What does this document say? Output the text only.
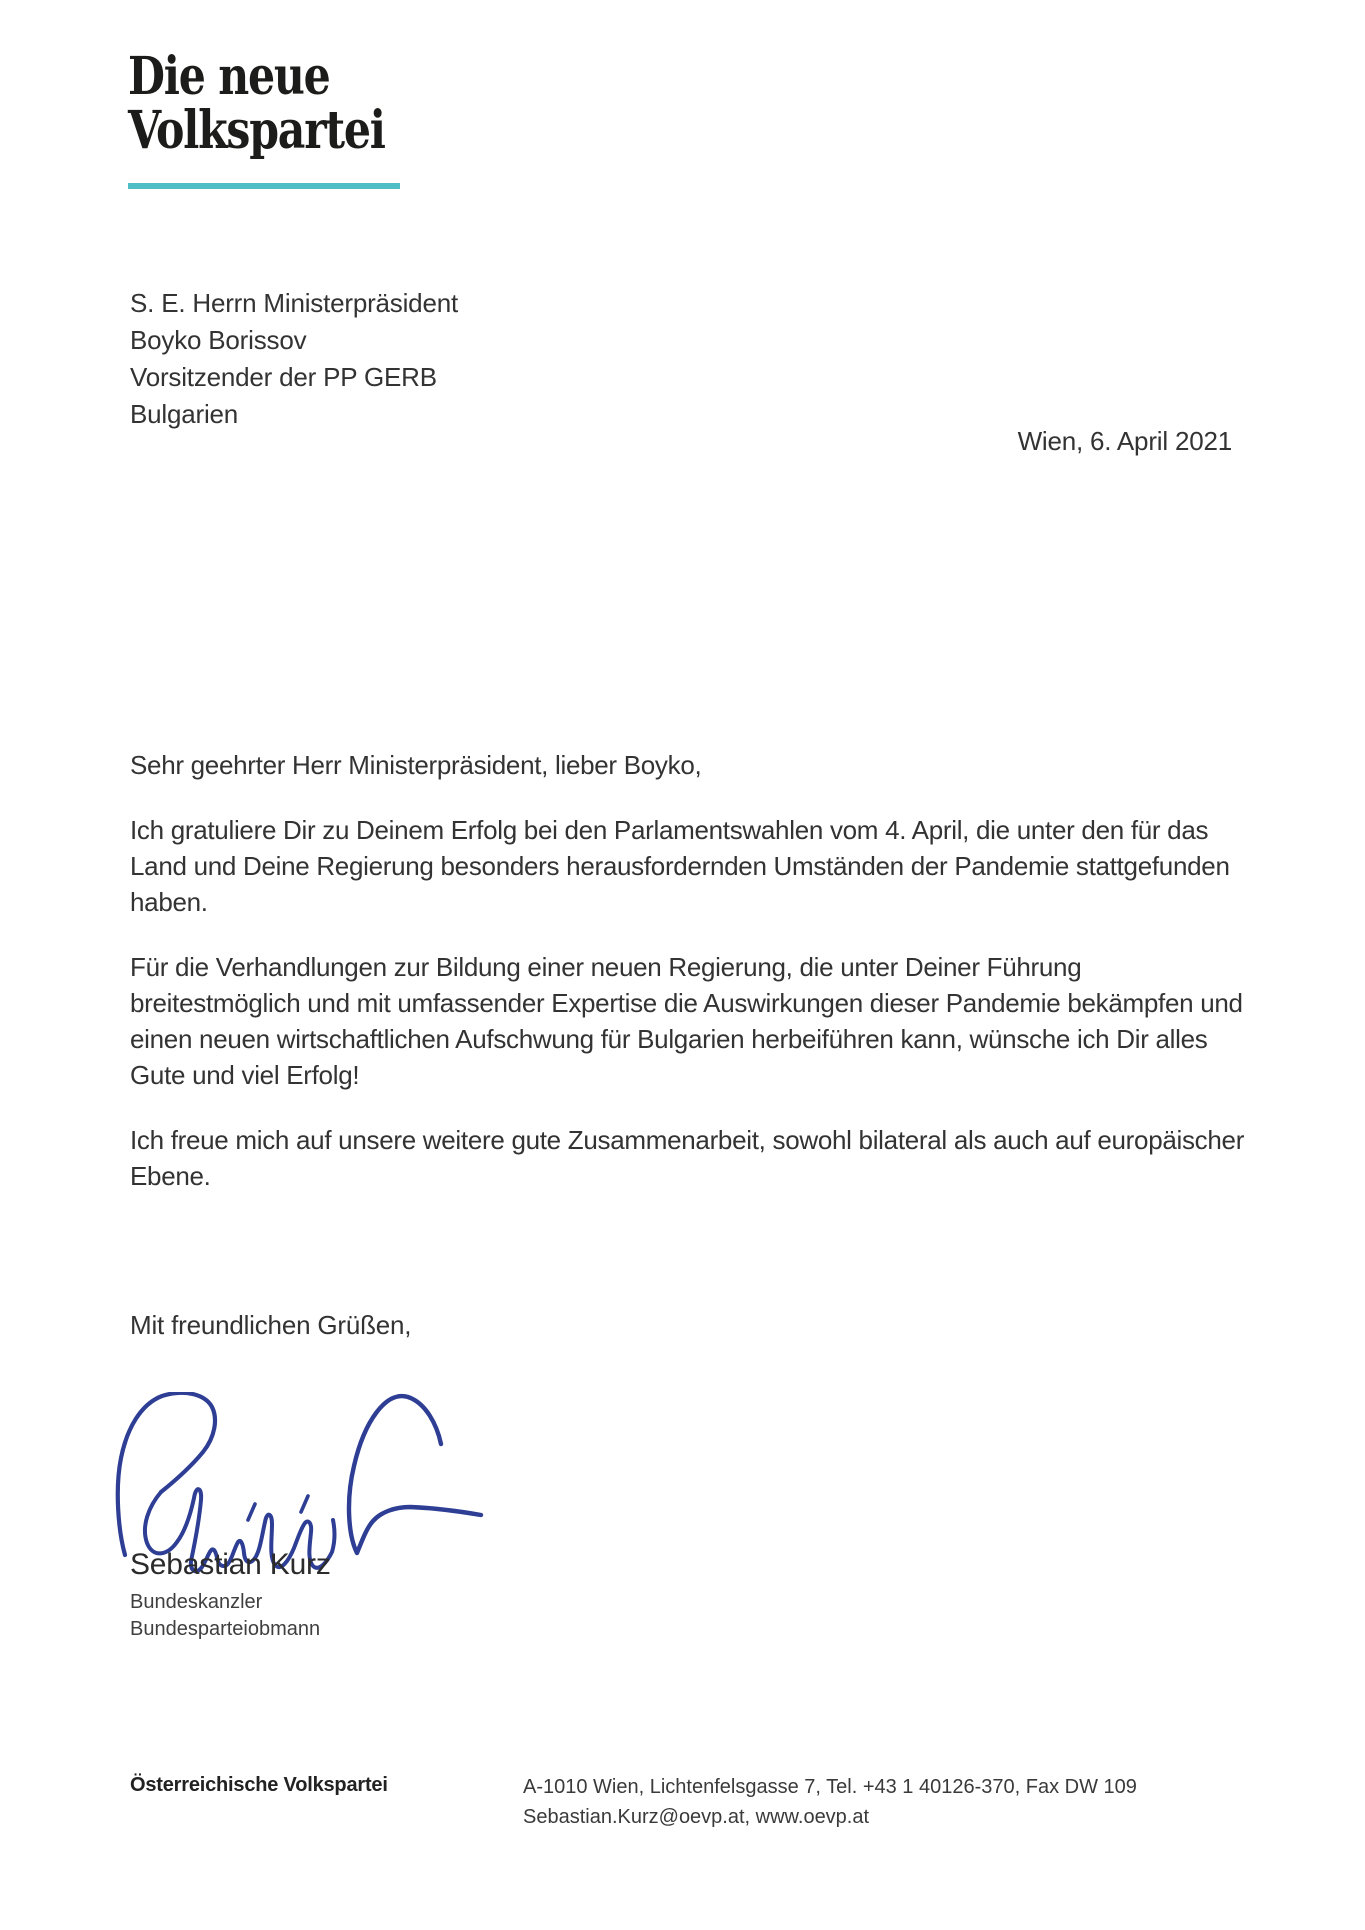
Die neue
Volkspartei
S. E. Herrn Ministerpräsident
Boyko Borissov
Vorsitzender der PP GERB
Bulgarien
Wien, 6. April 2021

Sehr geehrter Herr Ministerpräsident, lieber Boyko,

Ich gratuliere Dir zu Deinem Erfolg bei den Parlamentswahlen vom 4. April, die unter den für das Land und Deine Regierung besonders herausfordernden Umständen der Pandemie stattgefunden haben.

Für die Verhandlungen zur Bildung einer neuen Regierung, die unter Deiner Führung breitestmöglich und mit umfassender Expertise die Auswirkungen dieser Pandemie bekämpfen und einen neuen wirtschaftlichen Aufschwung für Bulgarien herbeiführen kann, wünsche ich Dir alles Gute und viel Erfolg!

Ich freue mich auf unsere weitere gute Zusammenarbeit, sowohl bilateral als auch auf europäischer Ebene.

Mit freundlichen Grüßen,
Sebastian Kurz
Bundeskanzler
Bundesparteiobmann
Österreichische Volkspartei	A-1010 Wien, Lichtenfelsgasse 7, Tel. +43 1 40126-370, Fax DW 109
Sebastian.Kurz@oevp.at, www.oevp.at
